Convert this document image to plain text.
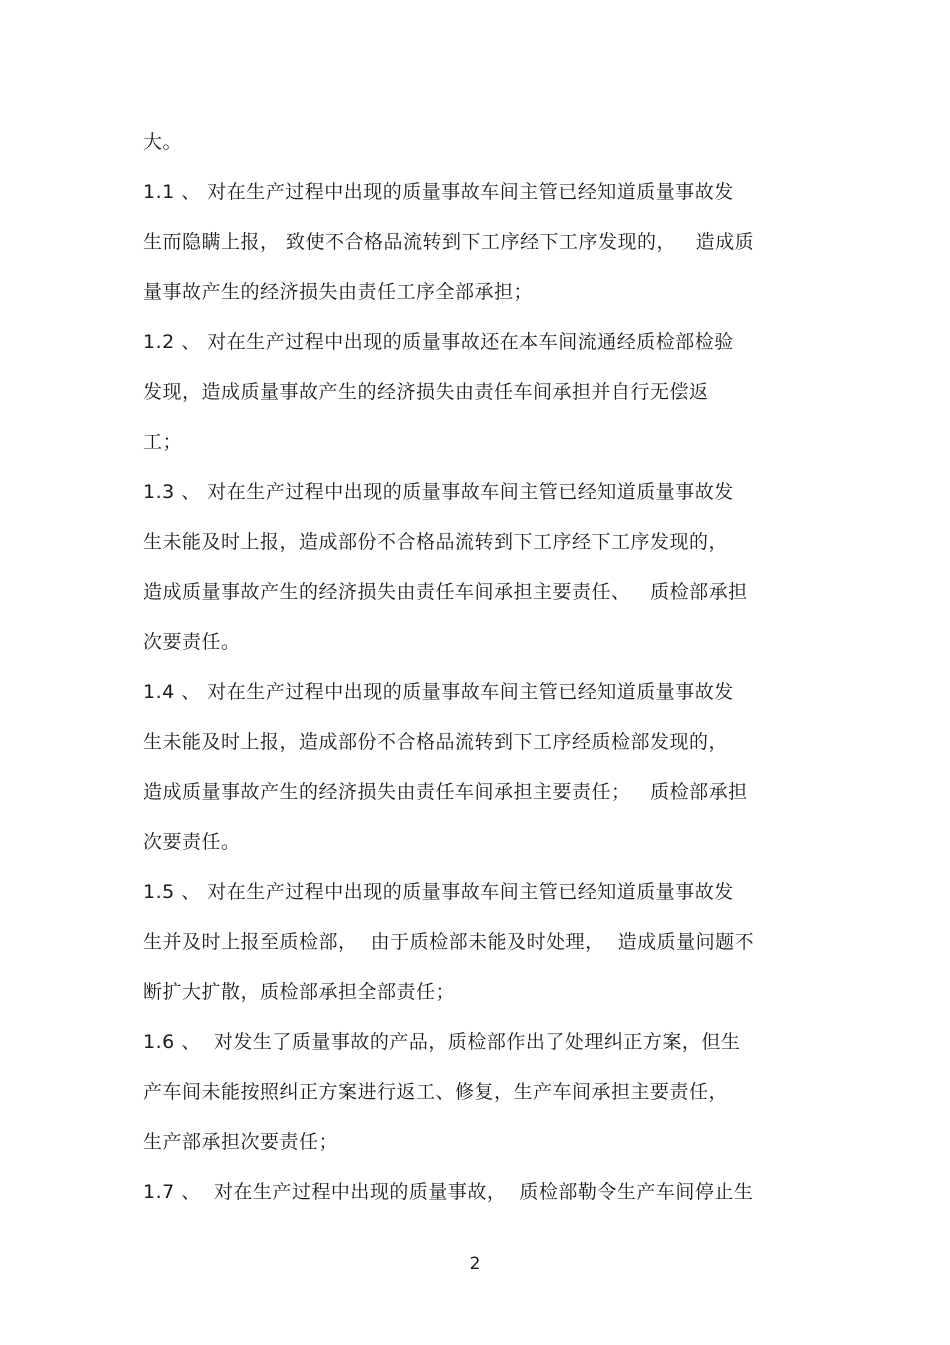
大。
1.1 、 对在生产过程中出现的质量事故车间主管已经知道质量事故发
生而隐瞒上报， 致使不合格品流转到下工序经下工序发现的，   造成质
量事故产生的经济损失由责任工序全部承担；
1.2 、 对在生产过程中出现的质量事故还在本车间流通经质检部检验
发现，造成质量事故产生的经济损失由责任车间承担并自行无偿返
工；
1.3 、 对在生产过程中出现的质量事故车间主管已经知道质量事故发
生未能及时上报，造成部份不合格品流转到下工序经下工序发现的，
造成质量事故产生的经济损失由责任车间承担主要责任、   质检部承担
次要责任。
1.4 、 对在生产过程中出现的质量事故车间主管已经知道质量事故发
生未能及时上报，造成部份不合格品流转到下工序经质检部发现的，
造成质量事故产生的经济损失由责任车间承担主要责任；   质检部承担
次要责任。
1.5 、 对在生产过程中出现的质量事故车间主管已经知道质量事故发
生并及时上报至质检部，  由于质检部未能及时处理，  造成质量问题不
断扩大扩散，质检部承担全部责任；
1.6 、  对发生了质量事故的产品，质检部作出了处理纠正方案，但生
产车间未能按照纠正方案进行返工、修复，生产车间承担主要责任，
生产部承担次要责任；
1.7 、  对在生产过程中出现的质量事故，  质检部勒令生产车间停止生
2
